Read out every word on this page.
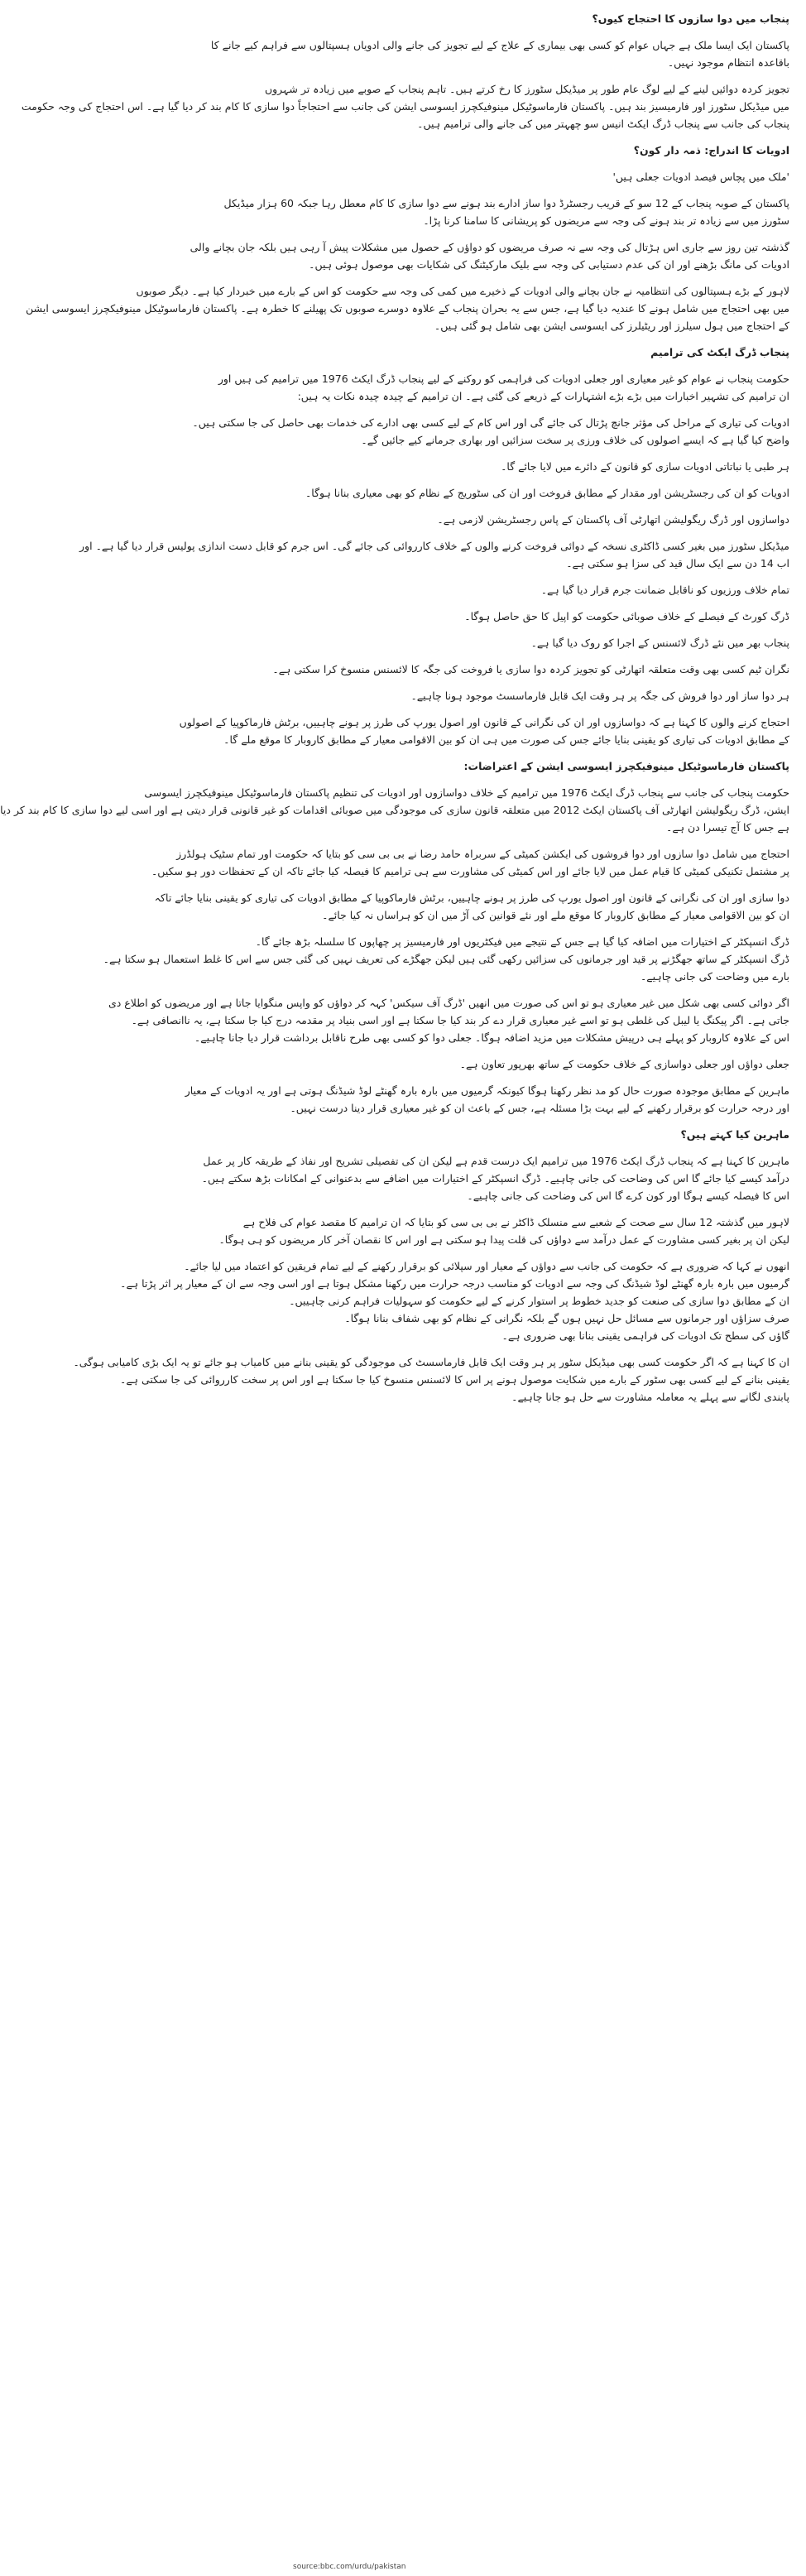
پنجاب میں دوا سازوں کا احتجاج کیوں؟
پاکستان ایک ایسا ملک ہے جہاں عوام کو کسی بھی بیماری کے علاج کے لیے تجویز کی جانے والی ادویاں ہسپتالوں سے فراہم کیے جانے کا
باقاعدہ انتظام موجود نہیں۔
تجویز کردہ دوائیں لینے کے لیے لوگ عام طور پر میڈیکل سٹورز کا رخ کرتے ہیں۔ تاہم پنجاب کے صوبے میں زیادہ تر شہروں
میں میڈیکل سٹورز اور فارمیسیز بند ہیں۔ پاکستان فارماسوٹیکل مینوفیکچرز ایسوسی ایشن کی جانب سے احتجاجاً دوا سازی کا کام بند کر دیا گیا ہے۔ اس احتجاج کی وجہ حکومت
پنجاب کی جانب سے پنجاب ڈرگ ایکٹ انیس سو چھہتر میں کی جانے والی ترامیم ہیں۔
ادویات کا اندراج: ذمہ دار کون؟
'ملک میں پچاس فیصد ادویات جعلی ہیں'
پاکستان کے صوبہ پنجاب کے 12 سو کے قریب رجسٹرڈ دوا ساز ادارے بند ہونے سے دوا سازی کا کام معطل رہا جبکہ 60 ہزار میڈیکل
سٹورز میں سے زیادہ تر بند ہونے کی وجہ سے مریضوں کو پریشانی کا سامنا کرنا پڑا۔
گذشتہ تین روز سے جاری اس ہڑتال کی وجہ سے نہ صرف مریضوں کو دواؤں کے حصول میں مشکلات پیش آ رہی ہیں بلکہ جان بچانے والی
ادویات کی مانگ بڑھنے اور ان کی عدم دستیابی کی وجہ سے بلیک مارکیٹنگ کی شکایات بھی موصول ہوئی ہیں۔
لاہور کے بڑے ہسپتالوں کی انتظامیہ نے جان بچانے والی ادویات کے ذخیرے میں کمی کی وجہ سے حکومت کو اس کے بارے میں خبردار کیا ہے۔ دیگر صوبوں
میں بھی احتجاج میں شامل ہونے کا عندیہ دیا گیا ہے، جس سے یہ بحران پنجاب کے علاوہ دوسرے صوبوں تک پھیلنے کا خطرہ ہے۔ پاکستان فارماسوٹیکل مینوفیکچرز ایسوسی ایشن
کے احتجاج میں ہول سیلرز اور ریٹیلرز کی ایسوسی ایشن بھی شامل ہو گئی ہیں۔
پنجاب ڈرگ ایکٹ کی ترامیم
حکومت پنجاب نے عوام کو غیر معیاری اور جعلی ادویات کی فراہمی کو روکنے کے لیے پنجاب ڈرگ ایکٹ 1976 میں ترامیم کی ہیں اور
ان ترامیم کی تشہیر اخبارات میں بڑے بڑے اشتہارات کے ذریعے کی گئی ہے۔ ان ترامیم کے چیدہ چیدہ نکات یہ ہیں:
ادویات کی تیاری کے مراحل کی مؤثر جانچ پڑتال کی جائے گی اور اس کام کے لیے کسی بھی ادارے کی خدمات بھی حاصل کی جا سکتی ہیں۔
واضح کیا گیا ہے کہ ایسے اصولوں کی خلاف ورزی پر سخت سزائیں اور بھاری جرمانے کیے جائیں گے۔
ہر طبی یا نباتاتی ادویات سازی کو قانون کے دائرے میں لایا جائے گا۔
ادویات کو ان کی رجسٹریشن اور مقدار کے مطابق فروخت اور ان کی سٹوریج کے نظام کو بھی معیاری بنانا ہوگا۔
دواسازوں اور ڈرگ ریگولیشن اتھارٹی آف پاکستان کے پاس رجسٹریشن لازمی ہے۔
میڈیکل سٹورز میں بغیر کسی ڈاکٹری نسخہ کے دوائی فروخت کرنے والوں کے خلاف کارروائی کی جائے گی۔ اس جرم کو قابل دست اندازی پولیس قرار دیا گیا ہے۔ اور
اب 14 دن سے ایک سال قید کی سزا ہو سکتی ہے۔
تمام خلاف ورزیوں کو ناقابل ضمانت جرم قرار دیا گیا ہے۔
ڈرگ کورٹ کے فیصلے کے خلاف صوبائی حکومت کو اپیل کا حق حاصل ہوگا۔
پنجاب بھر میں نئے ڈرگ لائسنس کے اجرا کو روک دیا گیا ہے۔
نگران ٹیم کسی بھی وقت متعلقہ اتھارٹی کو تجویز کردہ دوا سازی یا فروخت کی جگہ کا لائسنس منسوخ کرا سکتی ہے۔
ہر دوا ساز اور دوا فروش کی جگہ پر ہر وقت ایک قابل فارماسسٹ موجود ہونا چاہیے۔
احتجاج کرنے والوں کا کہنا ہے کہ دواسازوں اور ان کی نگرانی کے قانون اور اصول یورپ کی طرز پر ہونے چاہییں، برٹش فارماکوپیا کے اصولوں
کے مطابق ادویات کی تیاری کو یقینی بنایا جائے جس کی صورت میں ہی ان کو بین الاقوامی معیار کے مطابق کاروبار کا موقع ملے گا۔
پاکستان فارماسوٹیکل مینوفیکچرز ایسوسی ایشن کے اعتراضات:
حکومت پنجاب کی جانب سے پنجاب ڈرگ ایکٹ 1976 میں ترامیم کے خلاف دواسازوں اور ادویات کی تنظیم پاکستان فارماسوٹیکل مینوفیکچرز ایسوسی
ایشن، ڈرگ ریگولیشن اتھارٹی آف پاکستان ایکٹ 2012 میں متعلقہ قانون سازی کی موجودگی میں صوبائی اقدامات کو غیر قانونی قرار دیتی ہے اور اسی لیے دوا سازی کا کام بند کر دیا
ہے جس کا آج تیسرا دن ہے۔
احتجاج میں شامل دوا سازوں اور دوا فروشوں کی ایکشن کمیٹی کے سربراہ حامد رضا نے بی بی سی کو بتایا کہ حکومت اور تمام سٹیک ہولڈرز
پر مشتمل تکنیکی کمیٹی کا قیام عمل میں لایا جائے اور اس کمیٹی کی مشاورت سے ہی ترامیم کا فیصلہ کیا جائے تاکہ ان کے تحفظات دور ہو سکیں۔
دوا سازی اور ان کی نگرانی کے قانون اور اصول یورپ کی طرز پر ہونے چاہییں، برٹش فارماکوپیا کے مطابق ادویات کی تیاری کو یقینی بنایا جائے تاکہ
ان کو بین الاقوامی معیار کے مطابق کاروبار کا موقع ملے اور نئے قوانین کی آڑ میں ان کو ہراساں نہ کیا جائے۔
ڈرگ انسپکٹر کے اختیارات میں اضافہ کیا گیا ہے جس کے نتیجے میں فیکٹریوں اور فارمیسیز پر چھاپوں کا سلسلہ بڑھ جائے گا۔
ڈرگ انسپکٹر کے ساتھ جھگڑنے پر قید اور جرمانوں کی سزائیں رکھی گئی ہیں لیکن جھگڑے کی تعریف نہیں کی گئی جس سے اس کا غلط استعمال ہو سکتا ہے۔
بارے میں وضاحت کی جانی چاہیے۔
اگر دوائی کسی بھی شکل میں غیر معیاری ہو تو اس کی صورت میں انھیں 'ڈرگ آف سیکس' کہہ کر دواؤں کو واپس منگوایا جاتا ہے اور مریضوں کو اطلاع دی
جاتی ہے۔ اگر پیکنگ یا لیبل کی غلطی ہو تو اسے غیر معیاری قرار دے کر بند کیا جا سکتا ہے اور اسی بنیاد پر مقدمہ درج کیا جا سکتا ہے، یہ ناانصافی ہے۔
اس کے علاوہ کاروبار کو پہلے ہی درپیش مشکلات میں مزید اضافہ ہوگا۔ جعلی دوا کو کسی بھی طرح ناقابل برداشت قرار دیا جانا چاہیے۔
جعلی دواؤں اور جعلی دواسازی کے خلاف حکومت کے ساتھ بھرپور تعاون ہے۔
ماہرین کے مطابق موجودہ صورت حال کو مد نظر رکھنا ہوگا کیونکہ گرمیوں میں بارہ بارہ گھنٹے لوڈ شیڈنگ ہوتی ہے اور یہ ادویات کے معیار
اور درجہ حرارت کو برقرار رکھنے کے لیے بہت بڑا مسئلہ ہے، جس کے باعث ان کو غیر معیاری قرار دینا درست نہیں۔
ماہرین کیا کہتے ہیں؟
ماہرین کا کہنا ہے کہ پنجاب ڈرگ ایکٹ 1976 میں ترامیم ایک درست قدم ہے لیکن ان کی تفصیلی تشریح اور نفاذ کے طریقہ کار پر عمل
درآمد کیسے کیا جائے گا اس کی وضاحت کی جانی چاہیے۔ ڈرگ انسپکٹر کے اختیارات میں اضافے سے بدعنوانی کے امکانات بڑھ سکتے ہیں۔
اس کا فیصلہ کیسے ہوگا اور کون کرے گا اس کی وضاحت کی جانی چاہیے۔
لاہور میں گذشتہ 12 سال سے صحت کے شعبے سے منسلک ڈاکٹر نے بی بی سی کو بتایا کہ ان ترامیم کا مقصد عوام کی فلاح ہے
لیکن ان پر بغیر کسی مشاورت کے عمل درآمد سے دواؤں کی قلت پیدا ہو سکتی ہے اور اس کا نقصان آخر کار مریضوں کو ہی ہوگا۔
انھوں نے کہا کہ ضروری ہے کہ حکومت کی جانب سے دواؤں کے معیار اور سپلائی کو برقرار رکھنے کے لیے تمام فریقین کو اعتماد میں لیا جائے۔
گرمیوں میں بارہ بارہ گھنٹے لوڈ شیڈنگ کی وجہ سے ادویات کو مناسب درجہ حرارت میں رکھنا مشکل ہوتا ہے اور اسی وجہ سے ان کے معیار پر اثر پڑتا ہے۔
ان کے مطابق دوا سازی کی صنعت کو جدید خطوط پر استوار کرنے کے لیے حکومت کو سہولیات فراہم کرنی چاہییں۔
صرف سزاؤں اور جرمانوں سے مسائل حل نہیں ہوں گے بلکہ نگرانی کے نظام کو بھی شفاف بنانا ہوگا۔
گاؤں کی سطح تک ادویات کی فراہمی یقینی بنانا بھی ضروری ہے۔
ان کا کہنا ہے کہ اگر حکومت کسی بھی میڈیکل سٹور پر ہر وقت ایک قابل فارماسسٹ کی موجودگی کو یقینی بنانے میں کامیاب ہو جائے تو یہ ایک بڑی کامیابی ہوگی۔
یقینی بنانے کے لیے کسی بھی سٹور کے بارے میں شکایت موصول ہونے پر اس کا لائسنس منسوخ کیا جا سکتا ہے اور اس پر سخت کارروائی کی جا سکتی ہے۔
پابندی لگانے سے پہلے یہ معاملہ مشاورت سے حل ہو جانا چاہیے۔
source:bbc.com/urdu/pakistan
